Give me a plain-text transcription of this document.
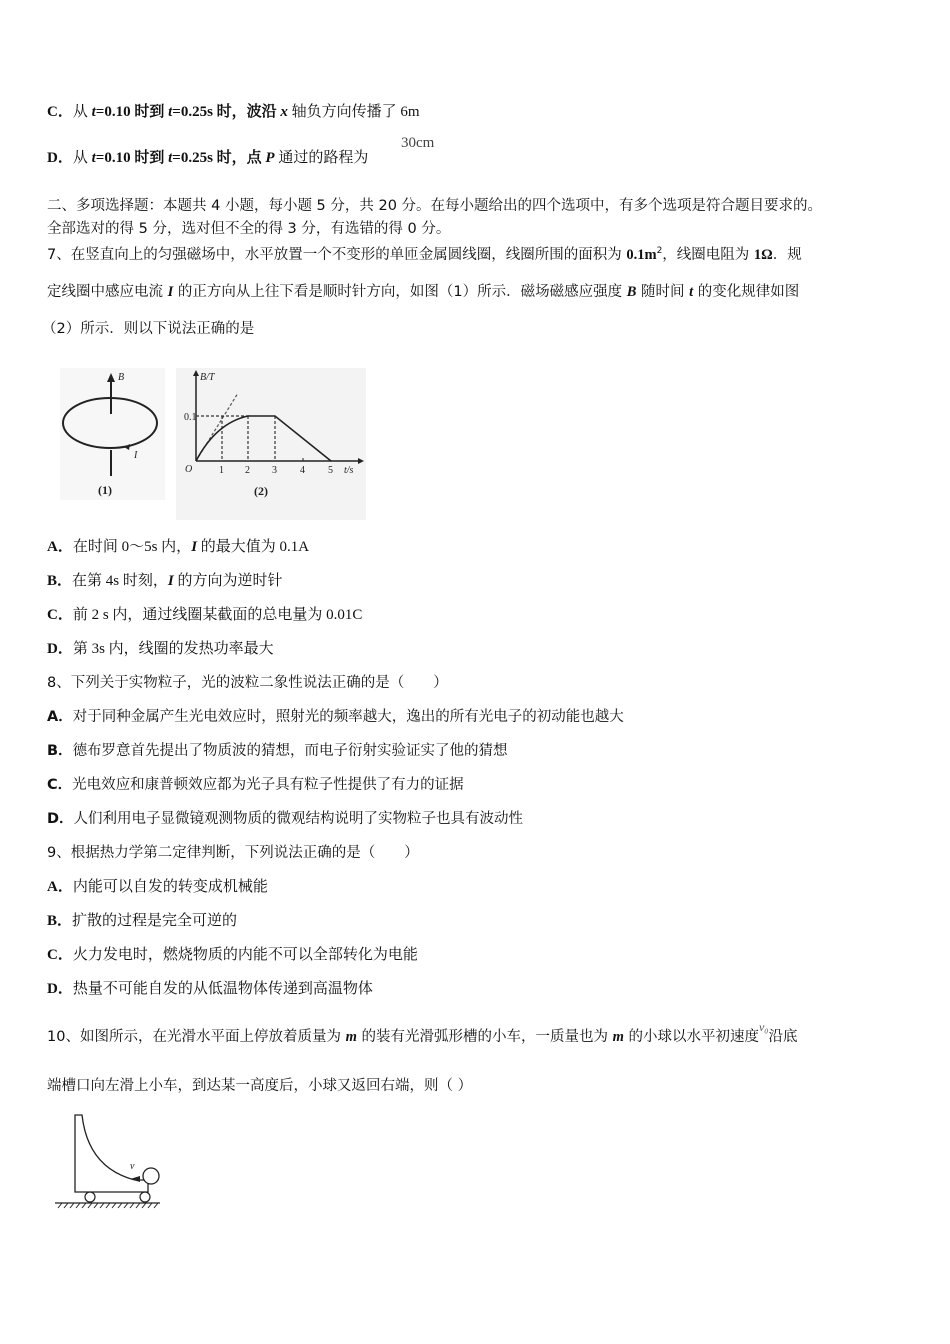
C．从 t=0.10 时到 t=0.25s 时，波沿 x 轴负方向传播了 6m
D．从 t=0.10 时到 t=0.25s 时，点 P 通过的路程为
30cm
二、多项选择题：本题共 4 小题，每小题 5 分，共 20 分。在每小题给出的四个选项中，有多个选项是符合题目要求的。
全部选对的得 5 分，选对但不全的得 3 分，有选错的得 0 分。
7、在竖直向上的匀强磁场中，水平放置一个不变形的单匝金属圆线圈，线圈所围的面积为 $0.1m^2$，线圈电阻为 1Ω．规
定线圈中感应电流 I 的正方向从上往下看是顺时针方向，如图（1）所示．磁场磁感应强度 B 随时间 t 的变化规律如图
（2）所示．则以下说法正确的是
B
I
(1)
B/T
0.1
O	1 2 3 4 5 t/s
(2)
A．在时间 0～5s 内，I 的最大值为 0.1A
B．在第 4s 时刻，I 的方向为逆时针
C．前 2 s 内，通过线圈某截面的总电量为 0.01C
D．第 3s 内，线圈的发热功率最大
8、下列关于实物粒子，光的波粒二象性说法正确的是（　　）
A．对于同种金属产生光电效应时，照射光的频率越大，逸出的所有光电子的初动能也越大
B．德布罗意首先提出了物质波的猜想，而电子衍射实验证实了他的猜想
C．光电效应和康普顿效应都为光子具有粒子性提供了有力的证据
D．人们利用电子显微镜观测物质的微观结构说明了实物粒子也具有波动性
9、根据热力学第二定律判断，下列说法正确的是（　　）
A．内能可以自发的转变成机械能
B．扩散的过程是完全可逆的
C．火力发电时，燃烧物质的内能不可以全部转化为电能
D．热量不可能自发的从低温物体传递到高温物体
10、如图所示，在光滑水平面上停放着质量为 m 的装有光滑弧形槽的小车，一质量也为 m 的小球以水平初速度$^{v_0}$沿底
端槽口向左滑上小车，到达某一高度后，小球又返回右端，则（ ）
v
